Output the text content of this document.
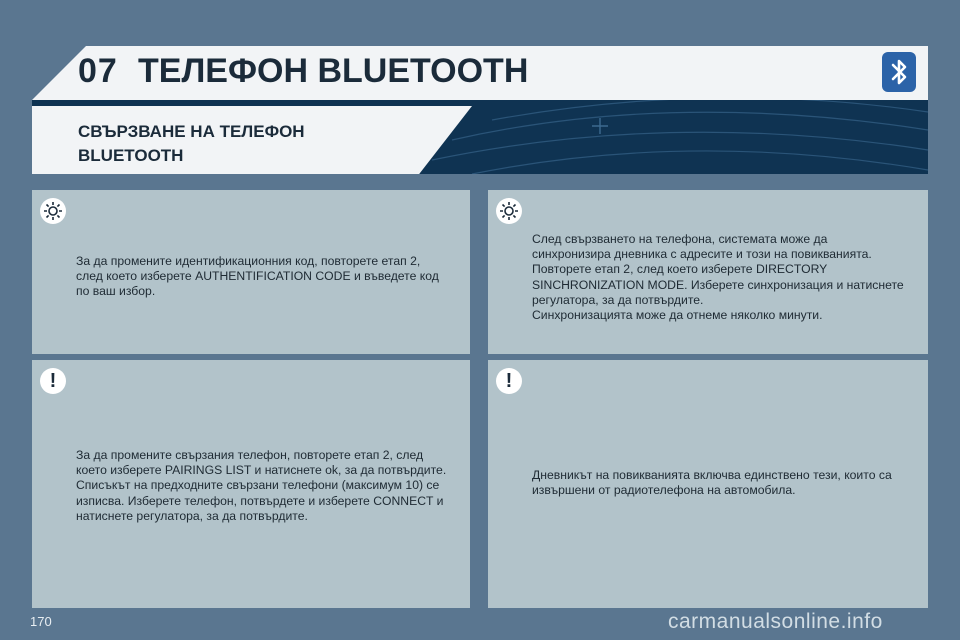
07 ТЕЛЕФОН BLUETOOTH
СВЪРЗВАНЕ НА ТЕЛЕФОН
BLUETOOTH
За да промените идентификационния код, повторете етап 2,
след което изберете AUTHENTIFICATION CODE и въведете код
по ваш избор.
След свързването на телефона, системата може да
синхронизира дневника с адресите и този на повикванията.
Повторете етап 2, след което изберете DIRECTORY
SINCHRONIZATION MODE. Изберете синхронизация и натиснете
регулатора, за да потвърдите.
Синхронизацията може да отнеме няколко минути.
!
За да промените свързания телефон, повторете етап 2, след
което изберете PAIRINGS LIST и натиснете ok, за да потвърдите.
Списъкът на предходните свързани телефони (максимум 10) се
изписва. Изберете телефон, потвърдете и изберете CONNECT и
натиснете регулатора, за да потвърдите.
!
Дневникът на повикванията включва единствено тези, които са
извършени от радиотелефона на автомобила.
170	carmanualsonline.info
